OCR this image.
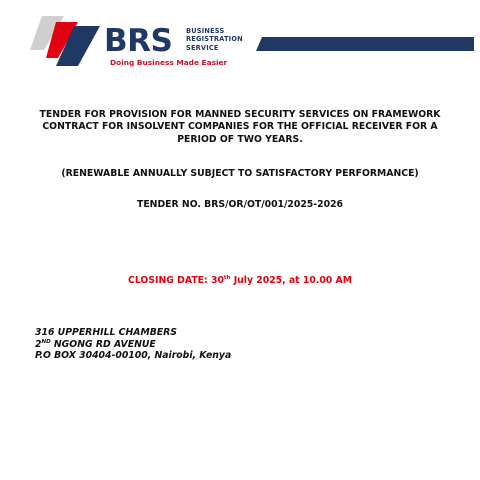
BRS BUSINESS
REGISTRATION
SERVICE
Doing Business Made Easier
TENDER FOR PROVISION FOR MANNED SECURITY SERVICES ON FRAMEWORK CONTRACT FOR INSOLVENT COMPANIES FOR THE OFFICIAL RECEIVER FOR A PERIOD OF TWO YEARS.
(RENEWABLE ANNUALLY SUBJECT TO SATISFACTORY PERFORMANCE)
TENDER NO. BRS/OR/OT/001/2025-2026
CLOSING DATE: 30th July 2025, at 10.00 AM
316 UPPERHILL CHAMBERS
2ND NGONG RD AVENUE
P.O BOX 30404-00100, Nairobi, Kenya
